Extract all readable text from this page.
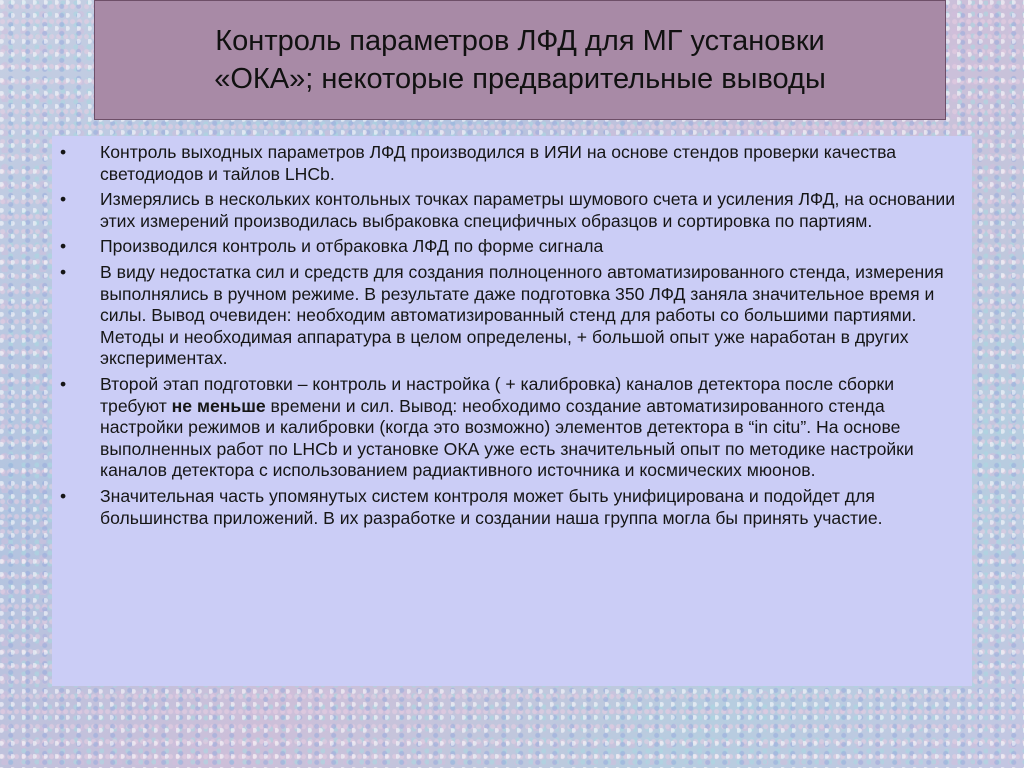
Контроль параметров ЛФД для МГ установки
«ОКА»; некоторые предварительные выводы
• Контроль выходных параметров ЛФД производился в ИЯИ на основе стендов проверки качества светодиодов и тайлов LHCb.
• Измерялись в нескольких контольных точках параметры шумового счета и усиления ЛФД, на основании этих измерений производилась выбраковка специфичных образцов и сортировка по партиям.
• Производился контроль и отбраковка ЛФД по форме сигнала
• В виду недостатка сил и средств для создания полноценного автоматизированного стенда, измерения выполнялись в ручном режиме. В результате даже подготовка 350 ЛФД заняла значительное время и силы. Вывод очевиден: необходим автоматизированный стенд для работы со большими партиями. Методы и необходимая аппаратура в целом определены, + большой опыт уже наработан в других экспериментах.
• Второй этап подготовки – контроль и настройка ( + калибровка) каналов детектора после сборки требуют не меньше времени и сил. Вывод: необходимо создание автоматизированного стенда настройки режимов и калибровки (когда это возможно) элементов детектора в “in citu”. На основе выполненных работ по LHCb и установке ОКА уже есть значительный опыт по методике настройки каналов детектора с использованием радиактивного источника и космических мюонов.
• Значительная часть упомянутых систем контроля может быть унифицирована и подойдет для большинства приложений. В их разработке и создании наша группа могла бы принять участие.
